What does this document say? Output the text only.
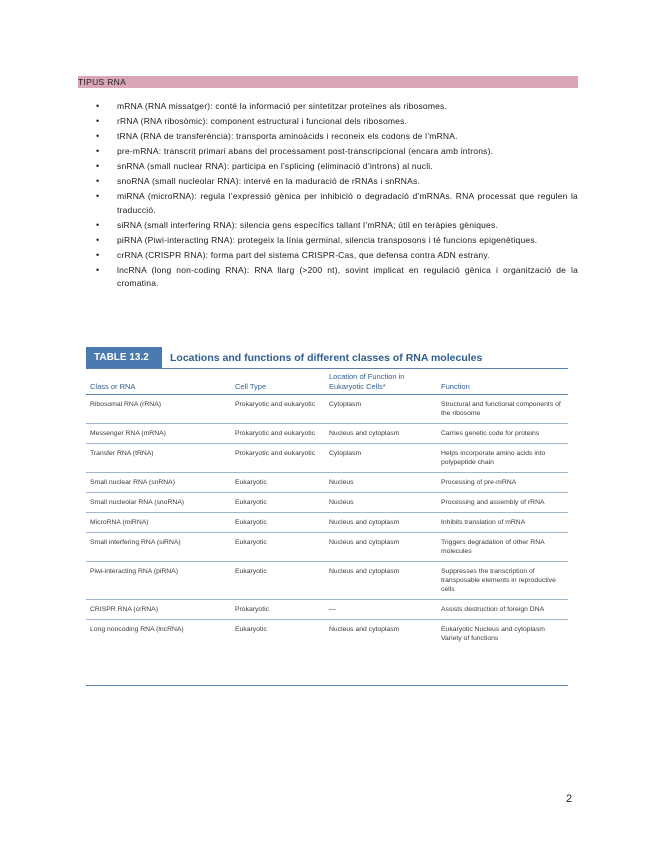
TIPUS RNA
• mRNA (RNA missatger): conté la informació per sintetitzar proteïnes als ribosomes.
• rRNA (RNA ribosòmic): component estructural i funcional dels ribosomes.
• tRNA (RNA de transferència): transporta aminoàcids i reconeix els codons de l’mRNA.
• pre-mRNA: transcrit primari abans del processament post-transcripcional (encara amb introns).
• snRNA (small nuclear RNA): participa en l’splicing (eliminació d’introns) al nucli.
• snoRNA (small nucleolar RNA): intervé en la maduració de rRNAs i snRNAs.
• miRNA (microRNA): regula l’expressió gènica per inhibició o degradació d’mRNAs. RNA processat que regulen la traducció.
• siRNA (small interfering RNA): silencia gens específics tallant l’mRNA; útil en teràpies gèniques.
• piRNA (Piwi-interacting RNA): protegeix la línia germinal, silencia transposons i té funcions epigenètiques.
• crRNA (CRISPR RNA): forma part del sistema CRISPR-Cas, que defensa contra ADN estrany.
• lncRNA (long non-coding RNA): RNA llarg (>200 nt), sovint implicat en regulació gènica i organització de la cromatina.
TABLE 13.2	Locations and functions of different classes of RNA molecules
Class or RNA	Cell Type	Location of Function in Eukaryotic Cells*	Function
Ribosomal RNA (rRNA)	Prokaryotic and eukaryotic	Cytoplasm	Structural and functional components of the ribosome
Messenger RNA (mRNA)	Prokaryotic and eukaryotic	Nucleus and cytoplasm	Carries genetic code for proteins
Transfer RNA (tRNA)	Prokaryotic and eukaryotic	Cytoplasm	Helps incorporate amino acids into polypeptide chain
Small nuclear RNA (snRNA)	Eukaryotic	Nucleus	Processing of pre-mRNA
Small nucleolar RNA (snoRNA)	Eukaryotic	Nucleus	Processing and assembly of rRNA
MicroRNA (miRNA)	Eukaryotic	Nucleus and cytoplasm	Inhibits translation of mRNA
Small interfering RNA (siRNA)	Eukaryotic	Nucleus and cytoplasm	Triggers degradation of other RNA molecules
Piwi-interacting RNA (piRNA)	Eukaryotic	Nucleus and cytoplasm	Suppresses the transcription of transposable elements in reproductive cells
CRISPR RNA (crRNA)	Prokaryotic	—	Assists destruction of foreign DNA
Long noncoding RNA (lncRNA)	Eukaryotic	Nucleus and cytoplasm	Eukaryotic Nucleus and cytoplasm Variety of functions
2
